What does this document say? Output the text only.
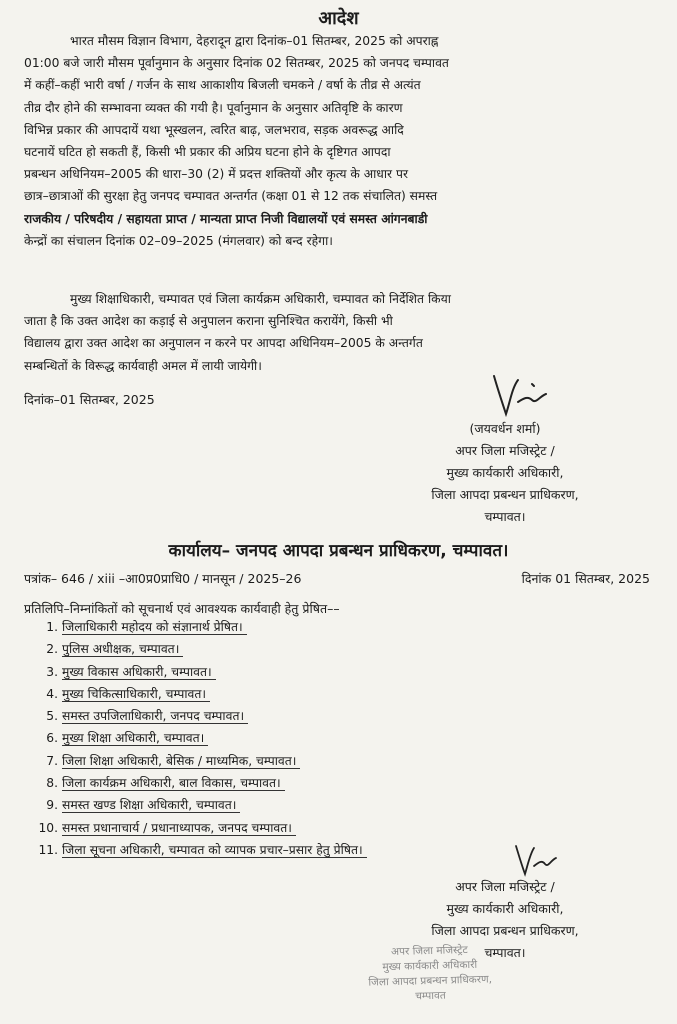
आदेश
भारत मौसम विज्ञान विभाग, देहरादून द्वारा दिनांक–01 सितम्बर, 2025 को अपराह्न
01:00 बजे जारी मौसम पूर्वानुमान के अनुसार दिनांक 02 सितम्बर, 2025 को जनपद चम्पावत
में कहीं–कहीं भारी वर्षा / गर्जन के साथ आकाशीय बिजली चमकने / वर्षा के तीव्र से अत्यंत
तीव्र दौर होने की सम्भावना व्यक्त की गयी है। पूर्वानुमान के अनुसार अतिवृष्टि के कारण
विभिन्न प्रकार की आपदायें यथा भूस्खलन, त्वरित बाढ़, जलभराव, सड़क अवरूद्ध आदि
घटनायें घटित हो सकती हैं, किसी भी प्रकार की अप्रिय घटना होने के दृष्टिगत आपदा
प्रबन्धन अधिनियम–2005 की धारा–30 (2) में प्रदत्त शक्तियों और कृत्य के आधार पर
छात्र–छात्राओं की सुरक्षा हेतु जनपद चम्पावत अन्तर्गत (कक्षा 01 से 12 तक संचालित) समस्त
राजकीय / परिषदीय / सहायता प्राप्त / मान्यता प्राप्त निजी विद्यालयों एवं समस्त आंगनबाडी
केन्द्रों का संचालन दिनांक 02–09–2025 (मंगलवार) को बन्द रहेगा।
मुख्य शिक्षाधिकारी, चम्पावत एवं जिला कार्यक्रम अधिकारी, चम्पावत को निर्देशित किया
जाता है कि उक्त आदेश का कड़ाई से अनुपालन कराना सुनिश्चित करायेंगे, किसी भी
विद्यालय द्वारा उक्त आदेश का अनुपालन न करने पर आपदा अधिनियम–2005 के अन्तर्गत
सम्बन्धितों के विरूद्ध कार्यवाही अमल में लायी जायेगी।
दिनांक–01 सितम्बर, 2025
(जयवर्धन शर्मा)
अपर जिला मजिस्ट्रेट /
मुख्य कार्यकारी अधिकारी,
जिला आपदा प्रबन्धन प्राधिकरण,
चम्पावत।
कार्यालय– जनपद आपदा प्रबन्धन प्राधिकरण, चम्पावत।
पत्रांक– 646 / xiii –आ0प्र0प्राधि0 / मानसून / 2025–26	दिनांक 01 सितम्बर, 2025
प्रतिलिपि–निम्नांकितों को सूचनार्थ एवं आवश्यक कार्यवाही हेतु प्रेषित––
1. जिलाधिकारी महोदय को संज्ञानार्थ प्रेषित।
2. पुलिस अधीक्षक, चम्पावत।
3. मुख्य विकास अधिकारी, चम्पावत।
4. मुख्य चिकित्साधिकारी, चम्पावत।
5. समस्त उपजिलाधिकारी, जनपद चम्पावत।
6. मुख्य शिक्षा अधिकारी, चम्पावत।
7. जिला शिक्षा अधिकारी, बेसिक / माध्यमिक, चम्पावत।
8. जिला कार्यक्रम अधिकारी, बाल विकास, चम्पावत।
9. समस्त खण्ड शिक्षा अधिकारी, चम्पावत।
10. समस्त प्रधानाचार्य / प्रधानाध्यापक, जनपद चम्पावत।
11. जिला सूचना अधिकारी, चम्पावत को व्यापक प्रचार–प्रसार हेतु प्रेषित।
अपर जिला मजिस्ट्रेट /
मुख्य कार्यकारी अधिकारी,
जिला आपदा प्रबन्धन प्राधिकरण,
चम्पावत।
अपर जिला मजिस्ट्रेट
मुख्य कार्यकारी अधिकारी
जिला आपदा प्रबन्धन प्राधिकरण,
चम्पावत
